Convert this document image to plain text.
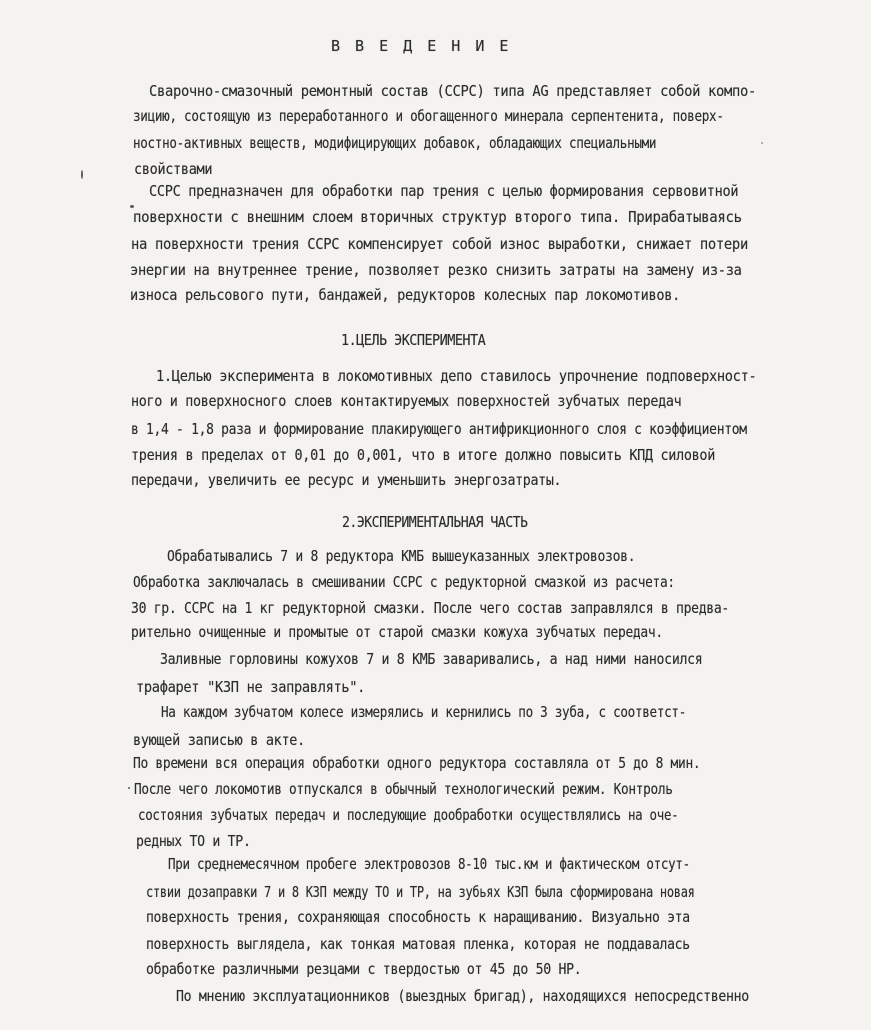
В В Е Д Е Н И Е
Сварочно-смазочный ремонтный состав (ССРС) типа AG представляет собой компо-
зицию, состоящую из переработанного и обогащенного минерала серпентенита, поверх-
ностно-активных веществ, модифицирующих добавок, обладающих специальными
свойствами
ССРС предназначен для обработки пар трения с целью формирования сервовитной
поверхности с внешним слоем вторичных структур второго типа. Прирабатываясь
на поверхности трения ССРС компенсирует собой износ выработки, снижает потери
энергии на внутреннее трение, позволяет резко снизить затраты на замену из-за
износа рельсового пути, бандажей, редукторов колесных пар локомотивов.
1.ЦЕЛЬ ЭКСПЕРИМЕНТА
1.Целью эксперимента в локомотивных депо ставилось упрочнение подповерхност-
ного и поверхносного слоев контактируемых поверхностей зубчатых передач
в 1,4 - 1,8 раза и формирование плакирующего антифрикционного слоя с коэффициентом
трения в пределах от 0,01 до 0,001, что в итоге должно повысить КПД силовой
передачи, увеличить ее ресурс и уменьшить энергозатраты.
2.ЭКСПЕРИМЕНТАЛЬНАЯ ЧАСТЬ
Обрабатывались 7 и 8 редуктора КМБ вышеуказанных электровозов.
Обработка заключалась в смешивании ССРС с редукторной смазкой из расчета:
30 гр. ССРС на 1 кг редукторной смазки. После чего состав заправлялся в предва-
рительно очищенные и промытые от старой смазки кожуха зубчатых передач.
Заливные горловины кожухов 7 и 8 КМБ заваривались, а над ними наносился
трафарет "КЗП не заправлять".
На каждом зубчатом колесе измерялись и кернились по 3 зуба, с соответст-
вующей записью в акте.
По времени вся операция обработки одного редуктора составляла от 5 до 8 мин.
После чего локомотив отпускался в обычный технологический режим. Контроль
состояния зубчатых передач и последующие дообработки осуществлялись на оче-
редных ТО и ТР.
При среднемесячном пробеге электровозов 8-10 тыс.км и фактическом отсут-
ствии дозаправки 7 и 8 КЗП между ТО и ТР, на зубьях КЗП была сформирована новая
поверхность трения, сохраняющая способность к наращиванию. Визуально эта
поверхность выглядела, как тонкая матовая пленка, которая не поддавалась
обработке различными резцами с твердостью от 45 до 50 HP.
По мнению эксплуатационников (выездных бригад), находящихся непосредственно
